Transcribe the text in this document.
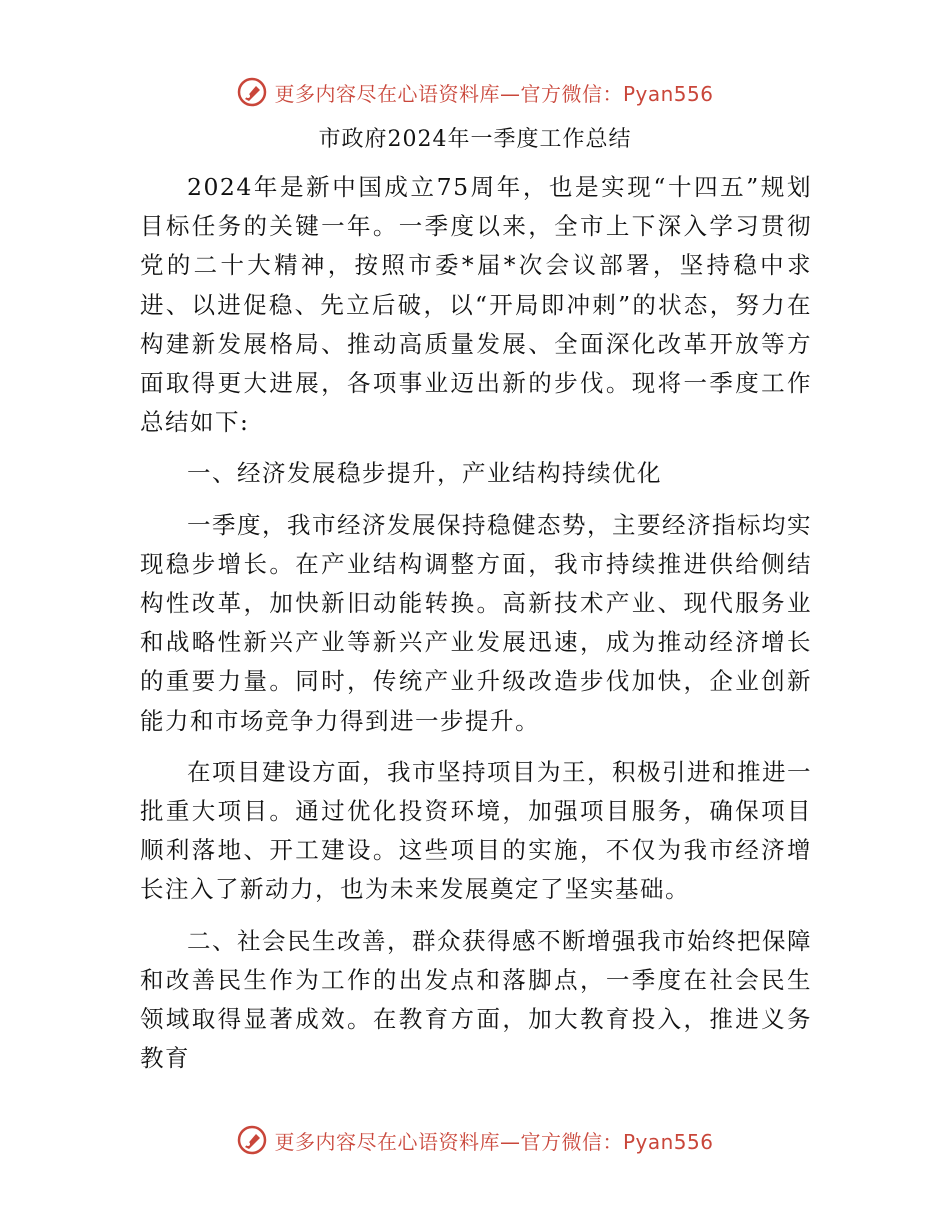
更多内容尽在心语资料库—官方微信：Pyan556
市政府2024年一季度工作总结

2024年是新中国成立75周年，也是实现“十四五”规划目标任务的关键一年。一季度以来，全市上下深入学习贯彻党的二十大精神，按照市委*届*次会议部署，坚持稳中求进、以进促稳、先立后破，以“开局即冲刺”的状态，努力在构建新发展格局、推动高质量发展、全面深化改革开放等方面取得更大进展，各项事业迈出新的步伐。现将一季度工作总结如下:

一、经济发展稳步提升，产业结构持续优化

一季度，我市经济发展保持稳健态势，主要经济指标均实现稳步增长。在产业结构调整方面，我市持续推进供给侧结构性改革，加快新旧动能转换。高新技术产业、现代服务业和战略性新兴产业等新兴产业发展迅速，成为推动经济增长的重要力量。同时，传统产业升级改造步伐加快，企业创新能力和市场竞争力得到进一步提升。

在项目建设方面，我市坚持项目为王，积极引进和推进一批重大项目。通过优化投资环境，加强项目服务，确保项目顺利落地、开工建设。这些项目的实施，不仅为我市经济增长注入了新动力，也为未来发展奠定了坚实基础。

二、社会民生改善，群众获得感不断增强我市始终把保障和改善民生作为工作的出发点和落脚点，一季度在社会民生领域取得显著成效。在教育方面，加大教育投入，推进义务教育

更多内容尽在心语资料库—官方微信：Pyan556
